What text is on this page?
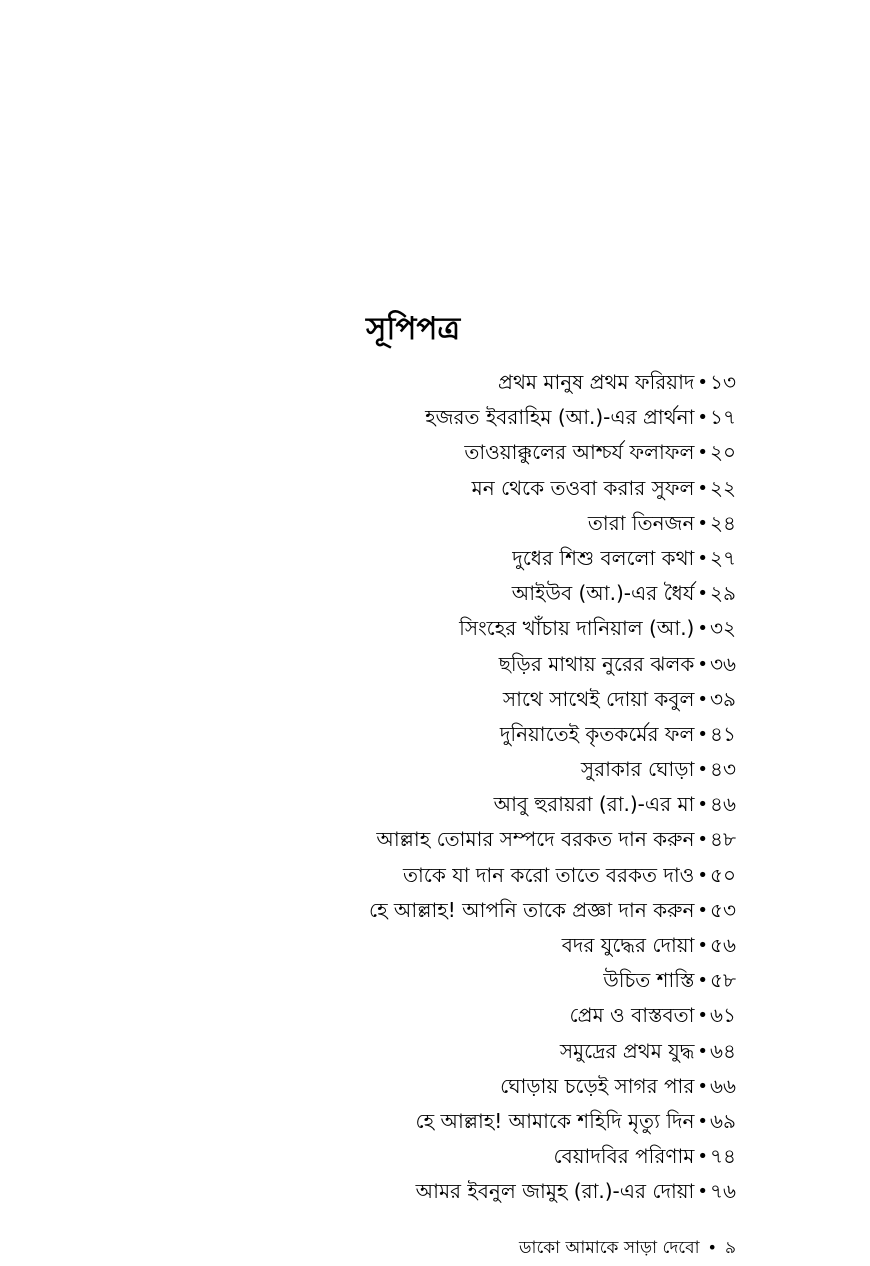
সূপিপত্র
প্রথম মানুষ প্রথম ফরিয়াদ • ১৩
হজরত ইবরাহিম (আ.)-এর প্রার্থনা • ১৭
তাওয়াক্কুলের আশ্চর্য ফলাফল • ২০
মন থেকে তওবা করার সুফল • ২২
তারা তিনজন • ২৪
দুধের শিশু বললো কথা • ২৭
আইউব (আ.)-এর ধৈর্য • ২৯
সিংহের খাঁচায় দানিয়াল (আ.) • ৩২
ছড়ির মাথায় নুরের ঝলক • ৩৬
সাথে সাথেই দোয়া কবুল • ৩৯
দুনিয়াতেই কৃতকর্মের ফল • ৪১
সুরাকার ঘোড়া • ৪৩
আবু হুরায়রা (রা.)-এর মা • ৪৬
আল্লাহ তোমার সম্পদে বরকত দান করুন • ৪৮
তাকে যা দান করো তাতে বরকত দাও • ৫০
হে আল্লাহ! আপনি তাকে প্রজ্ঞা দান করুন • ৫৩
বদর যুদ্ধের দোয়া • ৫৬
উচিত শাস্তি • ৫৮
প্রেম ও বাস্তবতা • ৬১
সমুদ্রের প্রথম যুদ্ধ • ৬৪
ঘোড়ায় চড়েই সাগর পার • ৬৬
হে আল্লাহ! আমাকে শহিদি মৃত্যু দিন • ৬৯
বেয়াদবির পরিণাম • ৭৪
আমর ইবনুল জামুহ (রা.)-এর দোয়া • ৭৬
ডাকো আমাকে সাড়া দেবো • ৯
